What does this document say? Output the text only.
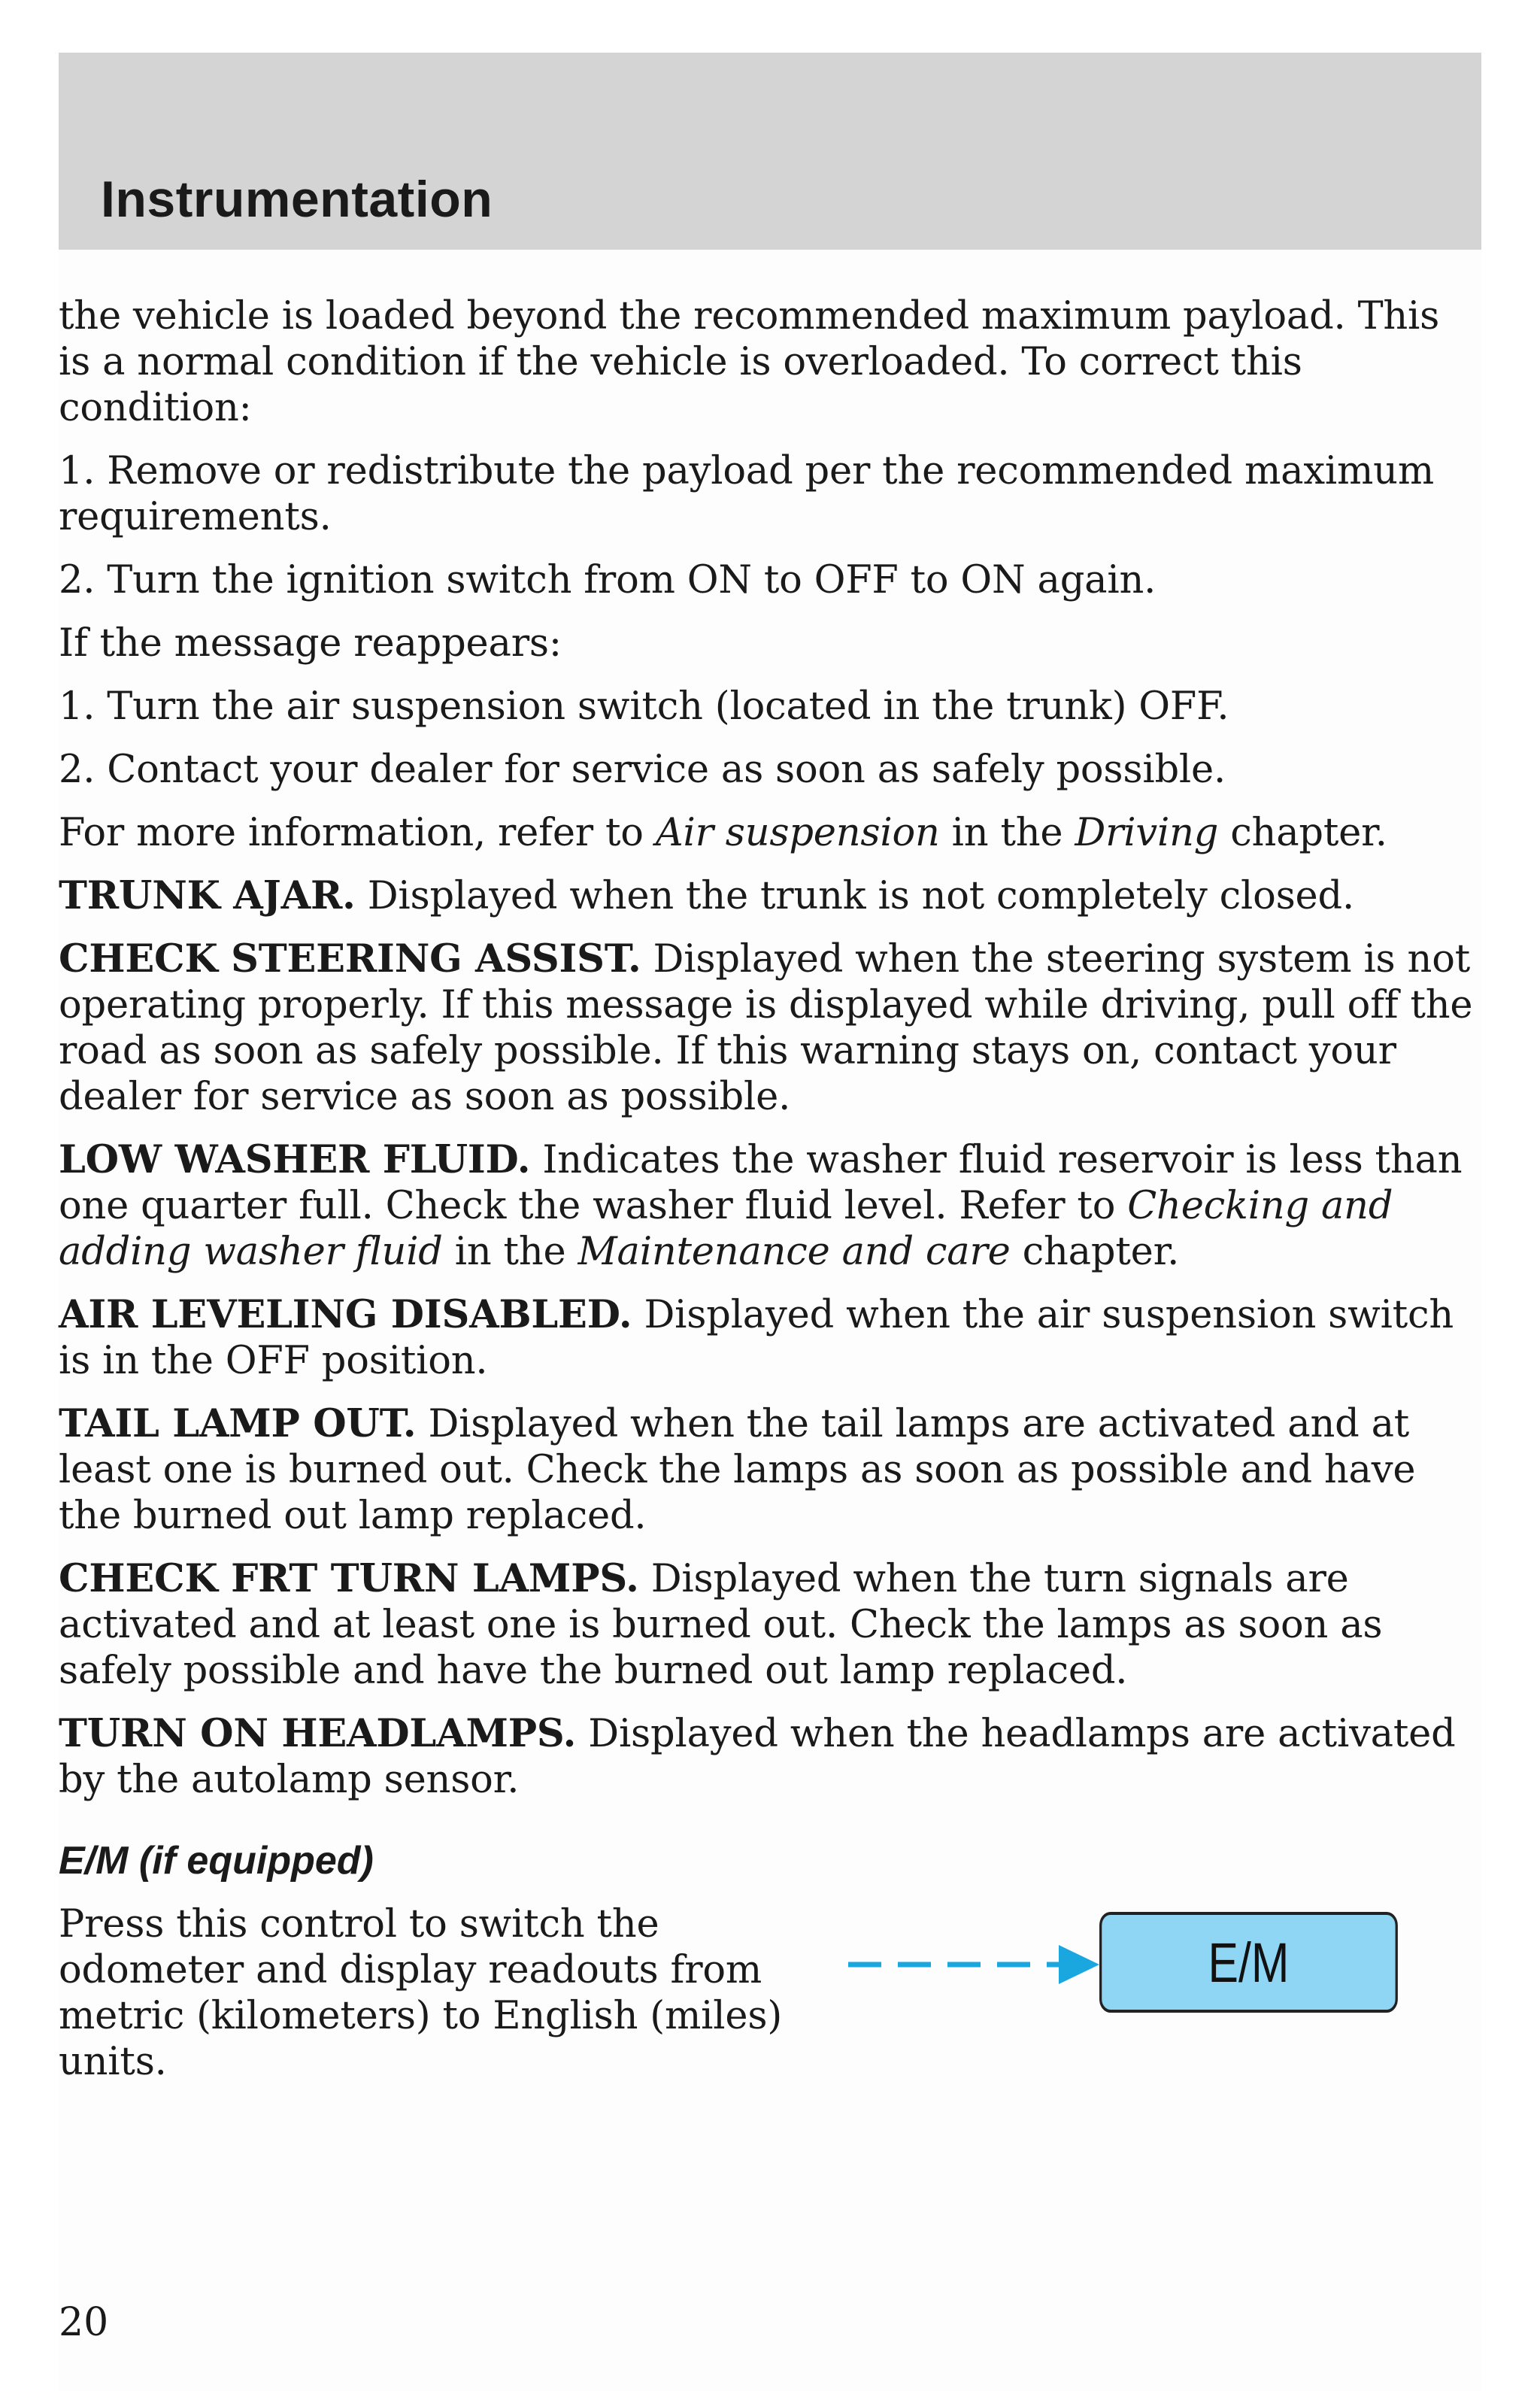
Instrumentation

the vehicle is loaded beyond the recommended maximum payload. This is a normal condition if the vehicle is overloaded. To correct this condition:

1. Remove or redistribute the payload per the recommended maximum requirements.

2. Turn the ignition switch from ON to OFF to ON again.

If the message reappears:

1. Turn the air suspension switch (located in the trunk) OFF.

2. Contact your dealer for service as soon as safely possible.

For more information, refer to Air suspension in the Driving chapter.

TRUNK AJAR. Displayed when the trunk is not completely closed.

CHECK STEERING ASSIST. Displayed when the steering system is not operating properly. If this message is displayed while driving, pull off the road as soon as safely possible. If this warning stays on, contact your dealer for service as soon as possible.

LOW WASHER FLUID. Indicates the washer fluid reservoir is less than one quarter full. Check the washer fluid level. Refer to Checking and adding washer fluid in the Maintenance and care chapter.

AIR LEVELING DISABLED. Displayed when the air suspension switch is in the OFF position.

TAIL LAMP OUT. Displayed when the tail lamps are activated and at least one is burned out. Check the lamps as soon as possible and have the burned out lamp replaced.

CHECK FRT TURN LAMPS. Displayed when the turn signals are activated and at least one is burned out. Check the lamps as soon as safely possible and have the burned out lamp replaced.

TURN ON HEADLAMPS. Displayed when the headlamps are activated by the autolamp sensor.

E/M (if equipped)

Press this control to switch the odometer and display readouts from metric (kilometers) to English (miles) units.

E/M
20
